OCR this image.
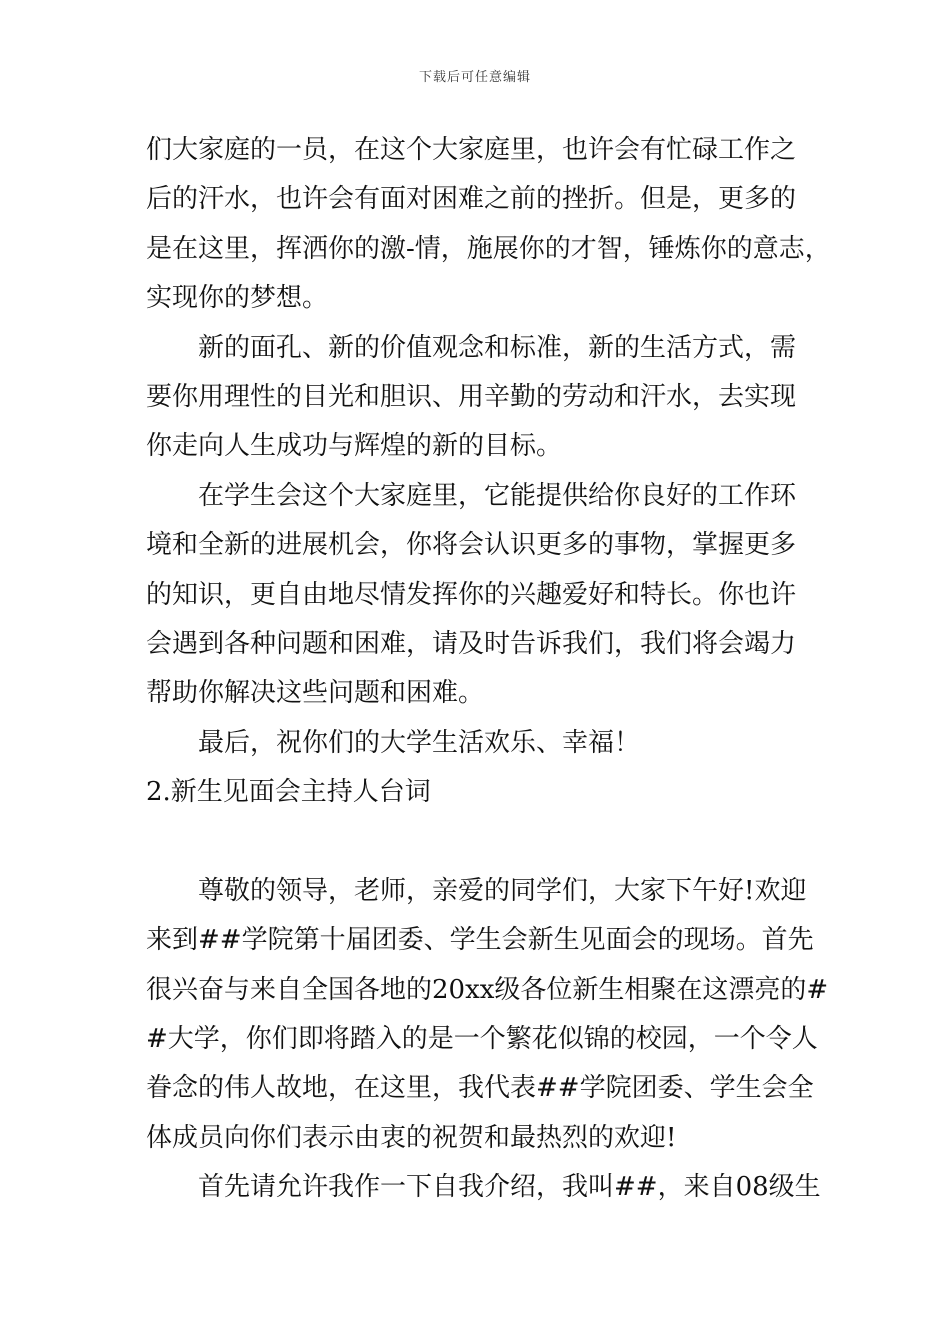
下载后可任意编辑
们大家庭的一员，在这个大家庭里，也许会有忙碌工作之
后的汗水，也许会有面对困难之前的挫折。但是，更多的
是在这里，挥洒你的激-情，施展你的才智，锤炼你的意志，
实现你的梦想。
新的面孔、新的价值观念和标准，新的生活方式，需
要你用理性的目光和胆识、用辛勤的劳动和汗水，去实现
你走向人生成功与辉煌的新的目标。
在学生会这个大家庭里，它能提供给你良好的工作环
境和全新的进展机会，你将会认识更多的事物，掌握更多
的知识，更自由地尽情发挥你的兴趣爱好和特长。你也许
会遇到各种问题和困难，请及时告诉我们，我们将会竭力
帮助你解决这些问题和困难。
最后，祝你们的大学生活欢乐、幸福！
2.新生见面会主持人台词
尊敬的领导，老师，亲爱的同学们，大家下午好!欢迎
来到##学院第十届团委、学生会新生见面会的现场。首先
很兴奋与来自全国各地的20xx级各位新生相聚在这漂亮的#
#大学，你们即将踏入的是一个繁花似锦的校园，一个令人
眷念的伟人故地，在这里，我代表##学院团委、学生会全
体成员向你们表示由衷的祝贺和最热烈的欢迎!
首先请允许我作一下自我介绍，我叫##，来自08级生
